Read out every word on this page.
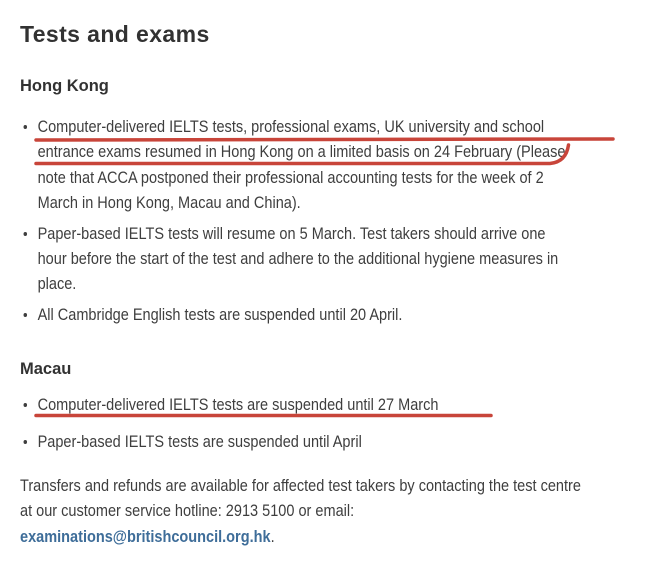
Tests and exams
Hong Kong
Computer-delivered IELTS tests, professional exams, UK university and school
entrance exams resumed in Hong Kong on a limited basis on 24 February (Please
note that ACCA postponed their professional accounting tests for the week of 2
March in Hong Kong, Macau and China).
Paper-based IELTS tests will resume on 5 March. Test takers should arrive one
hour before the start of the test and adhere to the additional hygiene measures in
place.
All Cambridge English tests are suspended until 20 April.
Macau
Computer-delivered IELTS tests are suspended until 27 March
Paper-based IELTS tests are suspended until April
Transfers and refunds are available for affected test takers by contacting the test centre
at our customer service hotline: 2913 5100 or email:
examinations@britishcouncil.org.hk.
